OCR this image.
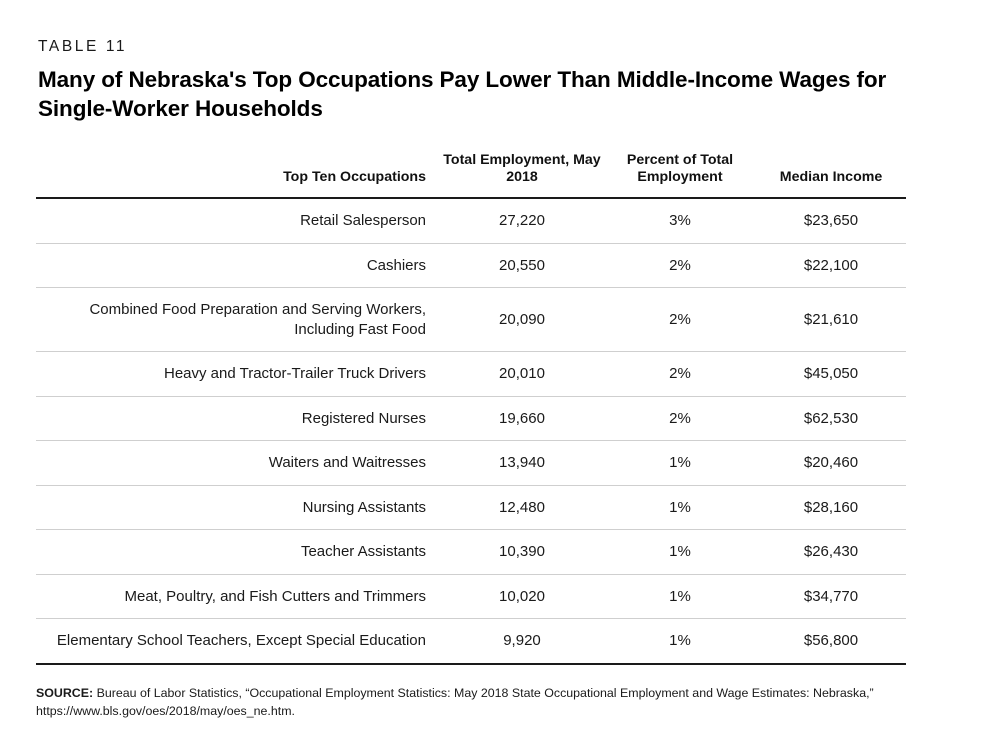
TABLE 11
Many of Nebraska's Top Occupations Pay Lower Than Middle-Income Wages for Single-Worker Households
Top Ten Occupations	Total Employment, May 2018	Percent of Total Employment	Median Income
Retail Salesperson	27,220	3%	$23,650
Cashiers	20,550	2%	$22,100
Combined Food Preparation and Serving Workers, Including Fast Food	20,090	2%	$21,610
Heavy and Tractor-Trailer Truck Drivers	20,010	2%	$45,050
Registered Nurses	19,660	2%	$62,530
Waiters and Waitresses	13,940	1%	$20,460
Nursing Assistants	12,480	1%	$28,160
Teacher Assistants	10,390	1%	$26,430
Meat, Poultry, and Fish Cutters and Trimmers	10,020	1%	$34,770
Elementary School Teachers, Except Special Education	9,920	1%	$56,800

SOURCE: Bureau of Labor Statistics, “Occupational Employment Statistics: May 2018 State Occupational Employment and Wage Estimates: Nebraska,” https://www.bls.gov/oes/2018/may/oes_ne.htm.
